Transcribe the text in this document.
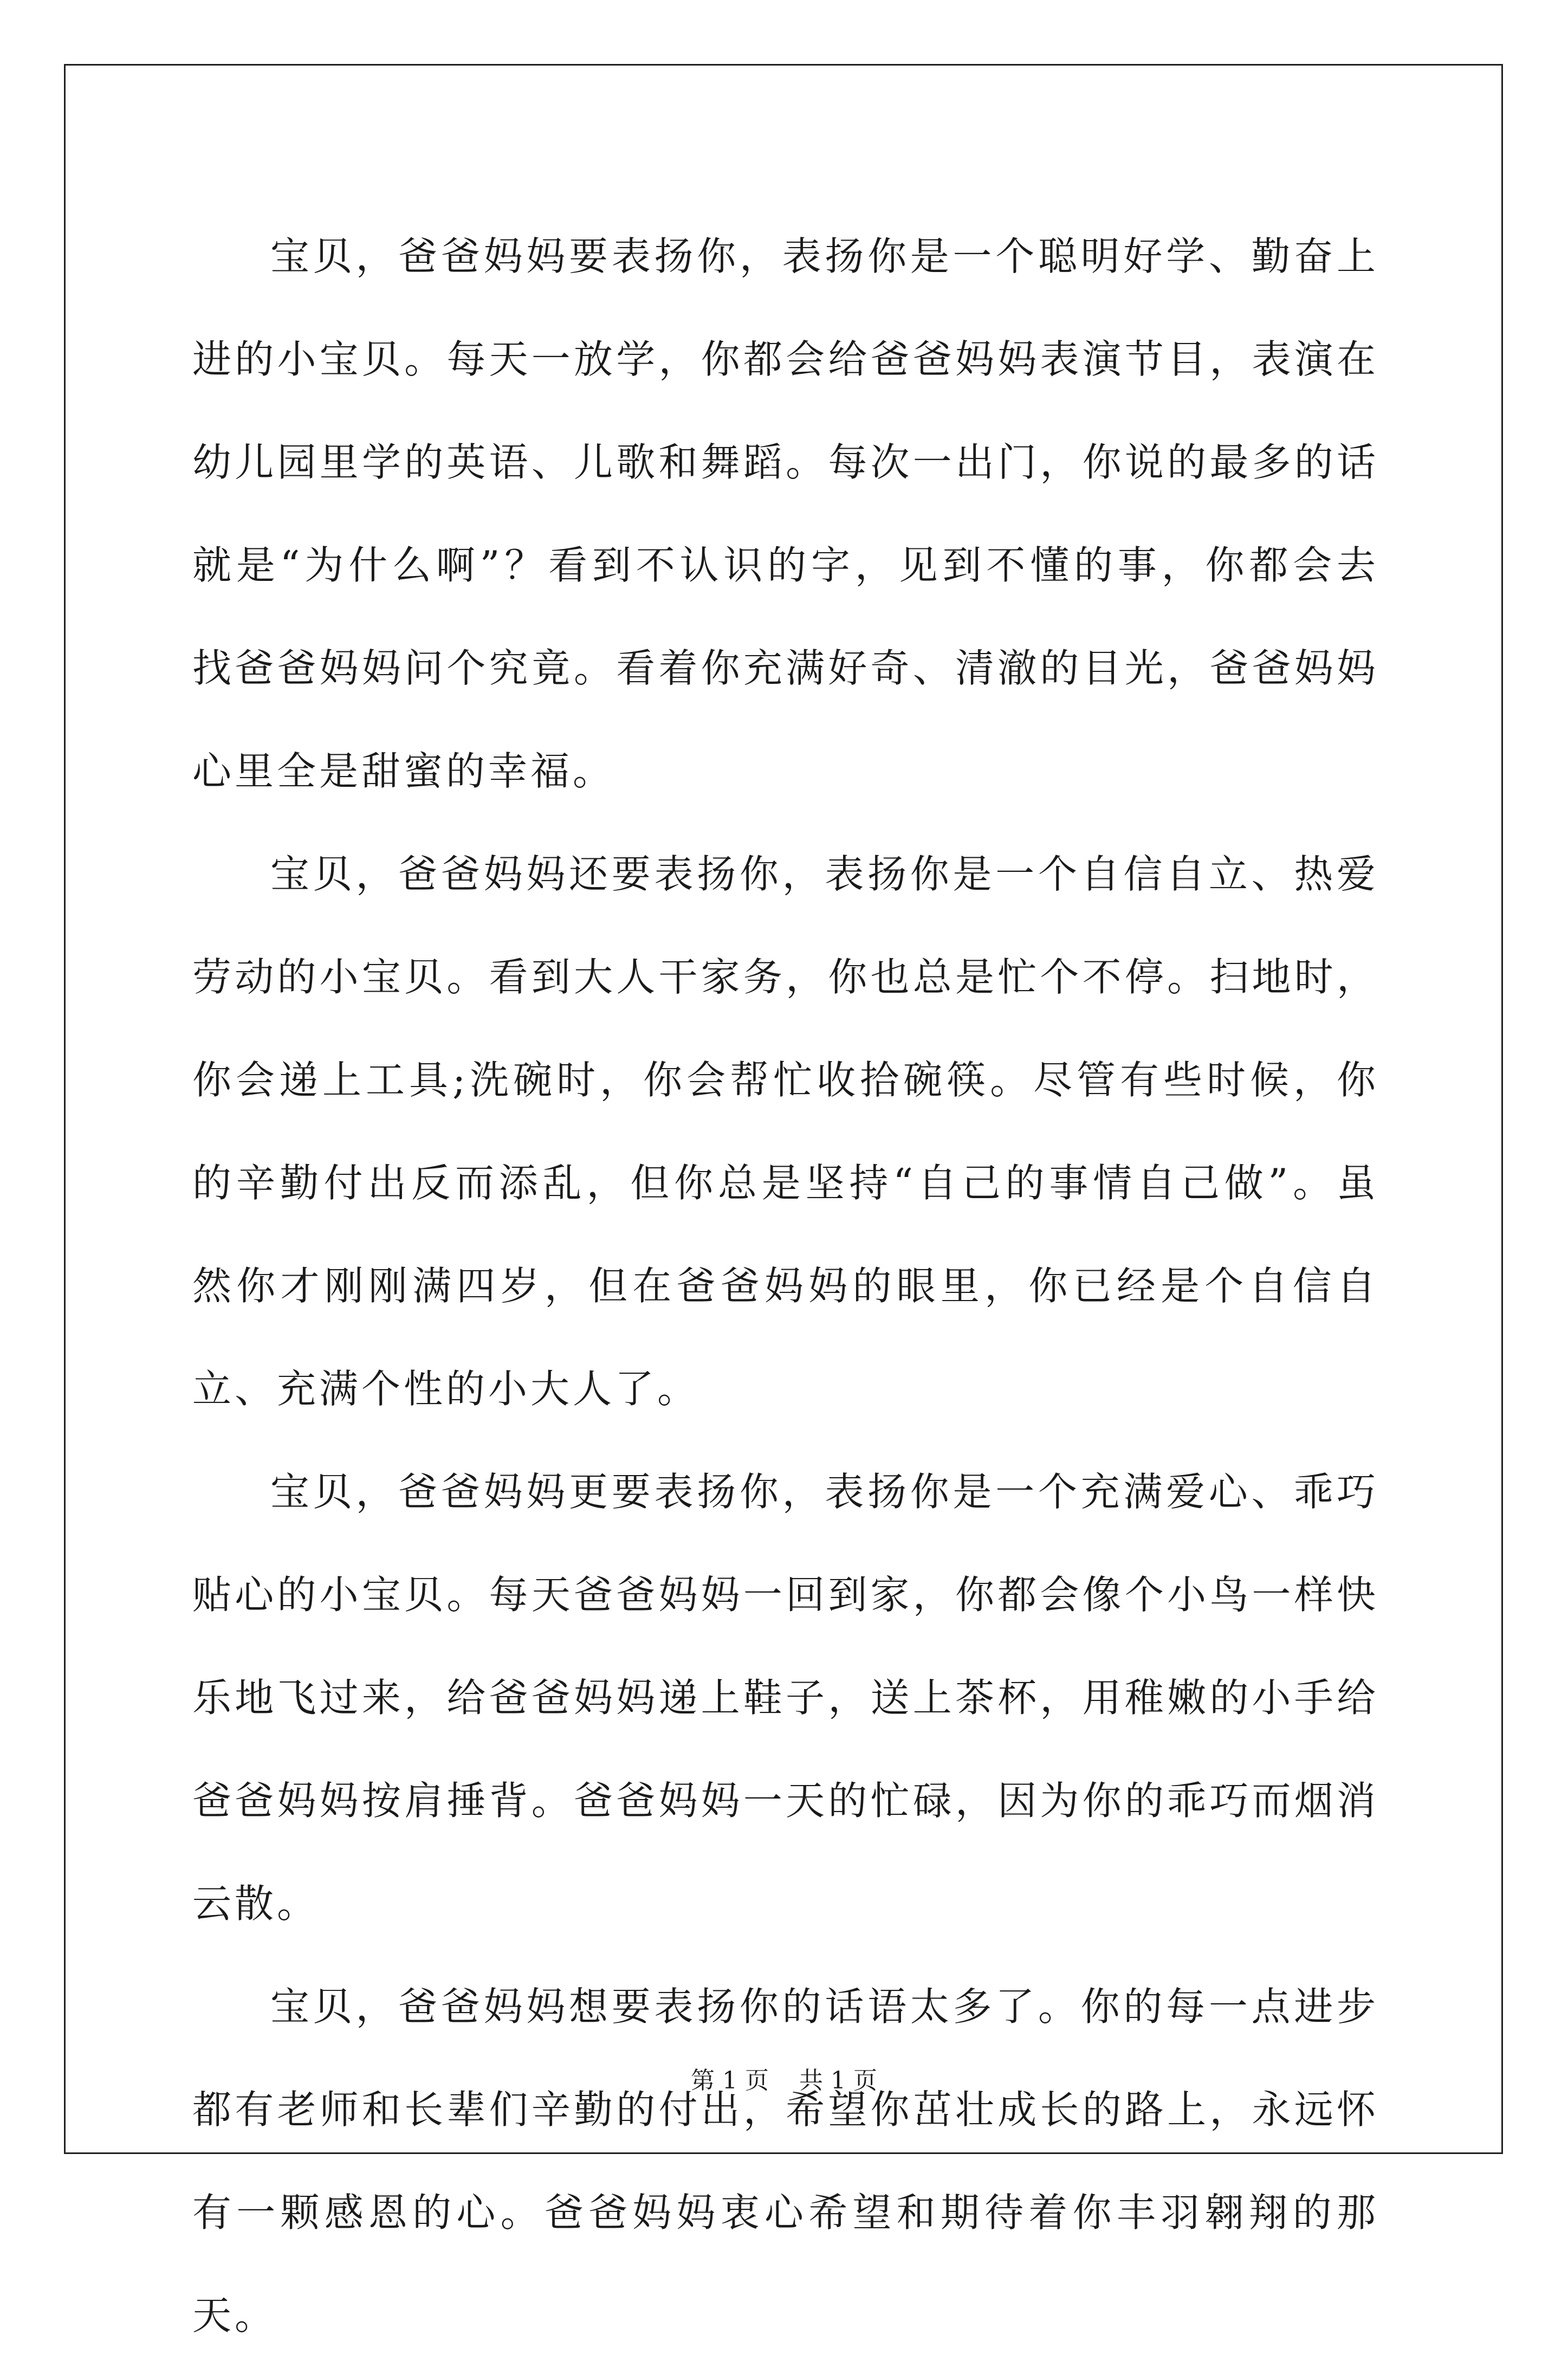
宝贝，爸爸妈妈要表扬你，表扬你是一个聪明好学、勤奋上进的小宝贝。每天一放学，你都会给爸爸妈妈表演节目，表演在幼儿园里学的英语、儿歌和舞蹈。每次一出门，你说的最多的话就是“为什么啊”？看到不认识的字，见到不懂的事，你都会去找爸爸妈妈问个究竟。看着你充满好奇、清澈的目光，爸爸妈妈心里全是甜蜜的幸福。

宝贝，爸爸妈妈还要表扬你，表扬你是一个自信自立、热爱劳动的小宝贝。看到大人干家务，你也总是忙个不停。扫地时，你会递上工具;洗碗时，你会帮忙收拾碗筷。尽管有些时候，你的辛勤付出反而添乱，但你总是坚持“自己的事情自己做”。虽然你才刚刚满四岁，但在爸爸妈妈的眼里，你已经是个自信自立、充满个性的小大人了。

宝贝，爸爸妈妈更要表扬你，表扬你是一个充满爱心、乖巧贴心的小宝贝。每天爸爸妈妈一回到家，你都会像个小鸟一样快乐地飞过来，给爸爸妈妈递上鞋子，送上茶杯，用稚嫩的小手给爸爸妈妈按肩捶背。爸爸妈妈一天的忙碌，因为你的乖巧而烟消云散。

宝贝，爸爸妈妈想要表扬你的话语太多了。你的每一点进步都有老师和长辈们辛勤的付出，希望你茁壮成长的路上，永远怀有一颗感恩的心。爸爸妈妈衷心希望和期待着你丰羽翱翔的那天。

第 1 页 共 1 页
